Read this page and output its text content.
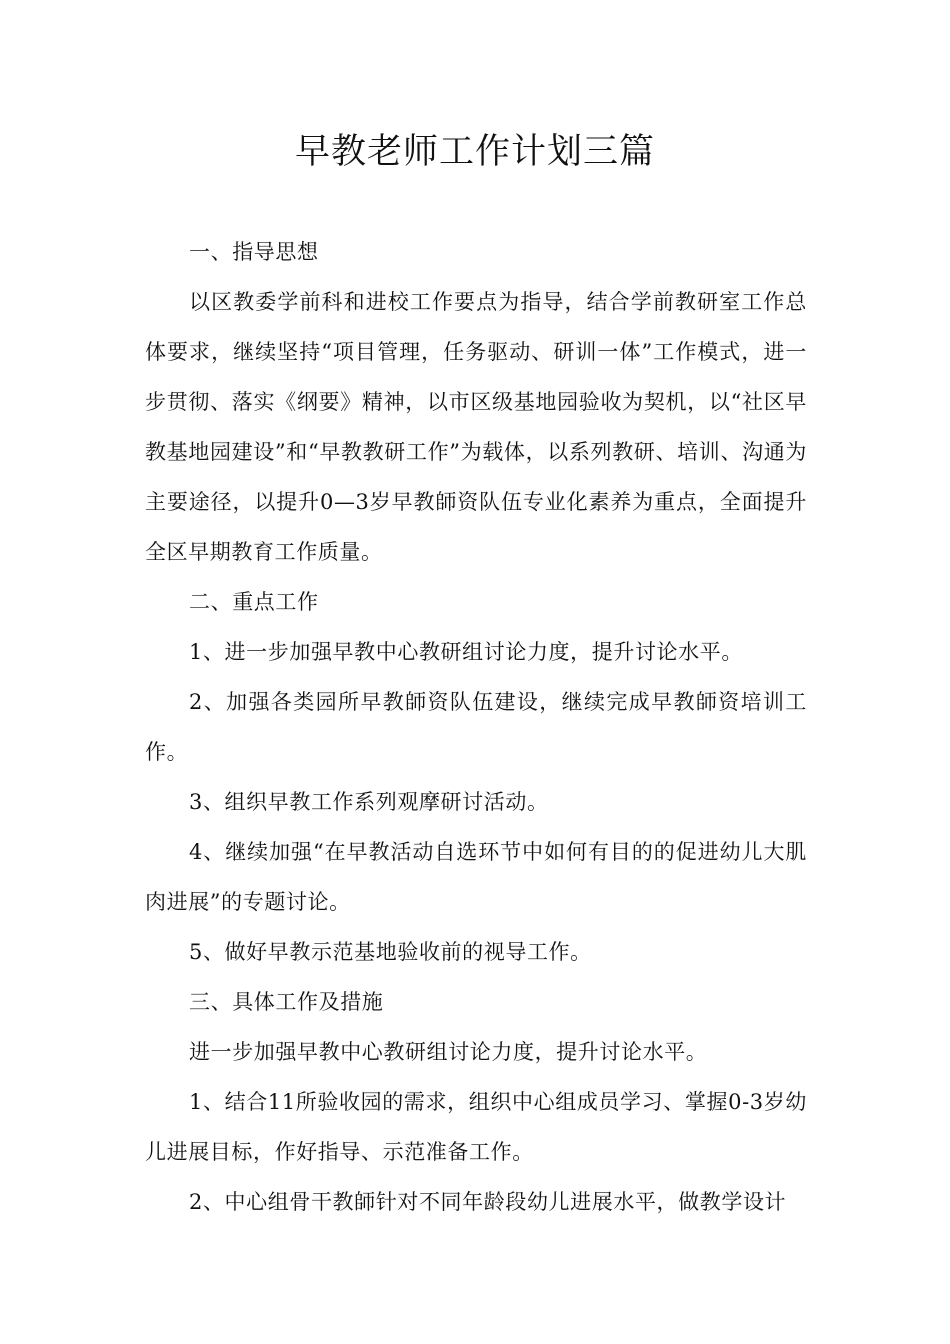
早教老师工作计划三篇

一、指导思想

以区教委学前科和进校工作要点为指导，结合学前教研室工作总体要求，继续坚持“项目管理，任务驱动、研训一体”工作模式，进一步贯彻、落实《纲要》精神，以市区级基地园验收为契机，以“社区早教基地园建设”和“早教教研工作”为载体，以系列教研、培训、沟通为主要途径，以提升0—3岁早教師资队伍专业化素养为重点，全面提升全区早期教育工作质量。

二、重点工作

1、进一步加强早教中心教研组讨论力度，提升讨论水平。

2、加强各类园所早教師资队伍建设，继续完成早教師资培训工作。

3、组织早教工作系列观摩研讨活动。

4、继续加强“在早教活动自选环节中如何有目的的促进幼儿大肌肉进展”的专题讨论。

5、做好早教示范基地验收前的视导工作。

三、具体工作及措施

进一步加强早教中心教研组讨论力度，提升讨论水平。

1、结合11所验收园的需求，组织中心组成员学习、掌握0-3岁幼儿进展目标，作好指导、示范准备工作。

2、中心组骨干教師针对不同年龄段幼儿进展水平，做教学设计
